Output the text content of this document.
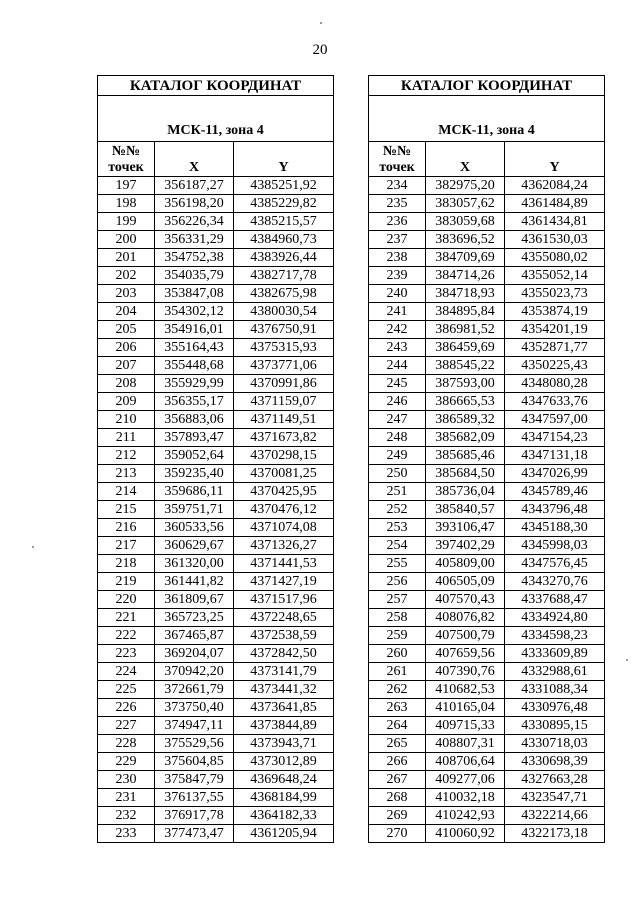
20
КАТАЛОГ КООРДИНАТ		
МСК-11, зона 4		

№№
точек	X	Y
197	356187,27	4385251,92
198	356198,20	4385229,82
199	356226,34	4385215,57
200	356331,29	4384960,73
201	354752,38	4383926,44
202	354035,79	4382717,78
203	353847,08	4382675,98
204	354302,12	4380030,54
205	354916,01	4376750,91
206	355164,43	4375315,93
207	355448,68	4373771,06
208	355929,99	4370991,86
209	356355,17	4371159,07
210	356883,06	4371149,51
211	357893,47	4371673,82
212	359052,64	4370298,15
213	359235,40	4370081,25
214	359686,11	4370425,95
215	359751,71	4370476,12
216	360533,56	4371074,08
217	360629,67	4371326,27
218	361320,00	4371441,53
219	361441,82	4371427,19
220	361809,67	4371517,96
221	365723,25	4372248,65
222	367465,87	4372538,59
223	369204,07	4372842,50
224	370942,20	4373141,79
225	372661,79	4373441,32
226	373750,40	4373641,85
227	374947,11	4373844,89
228	375529,56	4373943,71
229	375604,85	4373012,89
230	375847,79	4369648,24
231	376137,55	4368184,99
232	376917,78	4364182,33
233	377473,47	4361205,94
КАТАЛОГ КООРДИНАТ		
МСК-11, зона 4		

№№
точек	X	Y
234	382975,20	4362084,24
235	383057,62	4361484,89
236	383059,68	4361434,81
237	383696,52	4361530,03
238	384709,69	4355080,02
239	384714,26	4355052,14
240	384718,93	4355023,73
241	384895,84	4353874,19
242	386981,52	4354201,19
243	386459,69	4352871,77
244	388545,22	4350225,43
245	387593,00	4348080,28
246	386665,53	4347633,76
247	386589,32	4347597,00
248	385682,09	4347154,23
249	385685,46	4347131,18
250	385684,50	4347026,99
251	385736,04	4345789,46
252	385840,57	4343796,48
253	393106,47	4345188,30
254	397402,29	4345998,03
255	405809,00	4347576,45
256	406505,09	4343270,76
257	407570,43	4337688,47
258	408076,82	4334924,80
259	407500,79	4334598,23
260	407659,56	4333609,89
261	407390,76	4332988,61
262	410682,53	4331088,34
263	410165,04	4330976,48
264	409715,33	4330895,15
265	408807,31	4330718,03
266	408706,64	4330698,39
267	409277,06	4327663,28
268	410032,18	4323547,71
269	410242,93	4322214,66
270	410060,92	4322173,18
